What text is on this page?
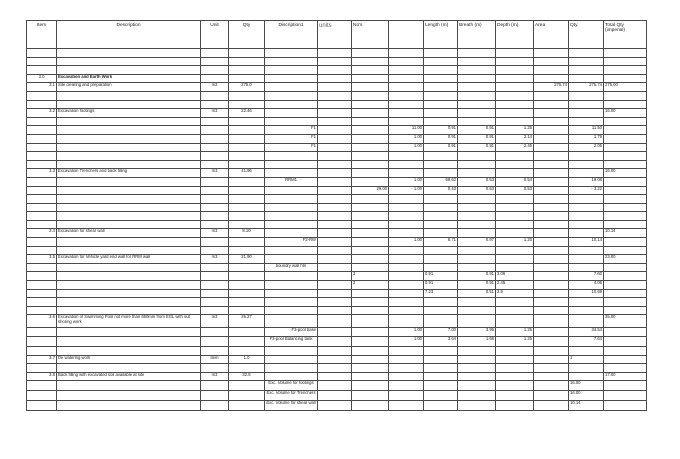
Item	Description	Unit	Qty	Discription1	units	No's		Length (m)	Breath (m)	Depth (m)	Area	Qty.	Total Qty (imperial)

3.0	Excavation and Earth Work												
3.1	Site clearing and preparation	m2	275.0								275.74	275.74	275.00

3.2	Excavation footings	m3	22.46										16.00

				F1			11.00	0.91	0.91	1.25		11.50	
				F1			1.00	0.91	0.91	2.14		1.79	
				F1			1.00	0.91	0.91	2.45		2.05	

3.3	Excavation Trenchers and back filling	m3	41.96										16.00
				RRM1			1.00	69.62	0.53	0.54		19.08	
						29.00	- 1.00	0.43	0.53	0.53		- 3.22	

3.4	Excavation for shear wall	m3	8.10										10.14
				F2-RW			1.00	8.71	0.97	1.20		10.14	

3.5	Excavation for Vehicle yard end wall for RRM wall	m3	21.90										23.00
				boundry wall htn									
						3		0.91	0.91	3.06		7.60	
						2		0.91	0.91	2.45		4.06	
								7.23	0.51	2.9		10.69	

3.6	Excavation of Swimming Pool not more than 650mm from EGL with out shoring work	m3	25.27										35.00
				F3-pool base			1.00	7.00	3.95	1.25		34.54	
				F3-pool Balancing tank			1.00	3.64	1.68	1.25		7.64	

3.7	De watering work	item	1.0									1	

3.8	Back filling with excavated soil available at site	m3	32.6										17.00
				Exc. Volume for footings								16.00	
				Exc. Volume for Trenchers								16.00	
				Exc. Volume for shear wall								10.14	
